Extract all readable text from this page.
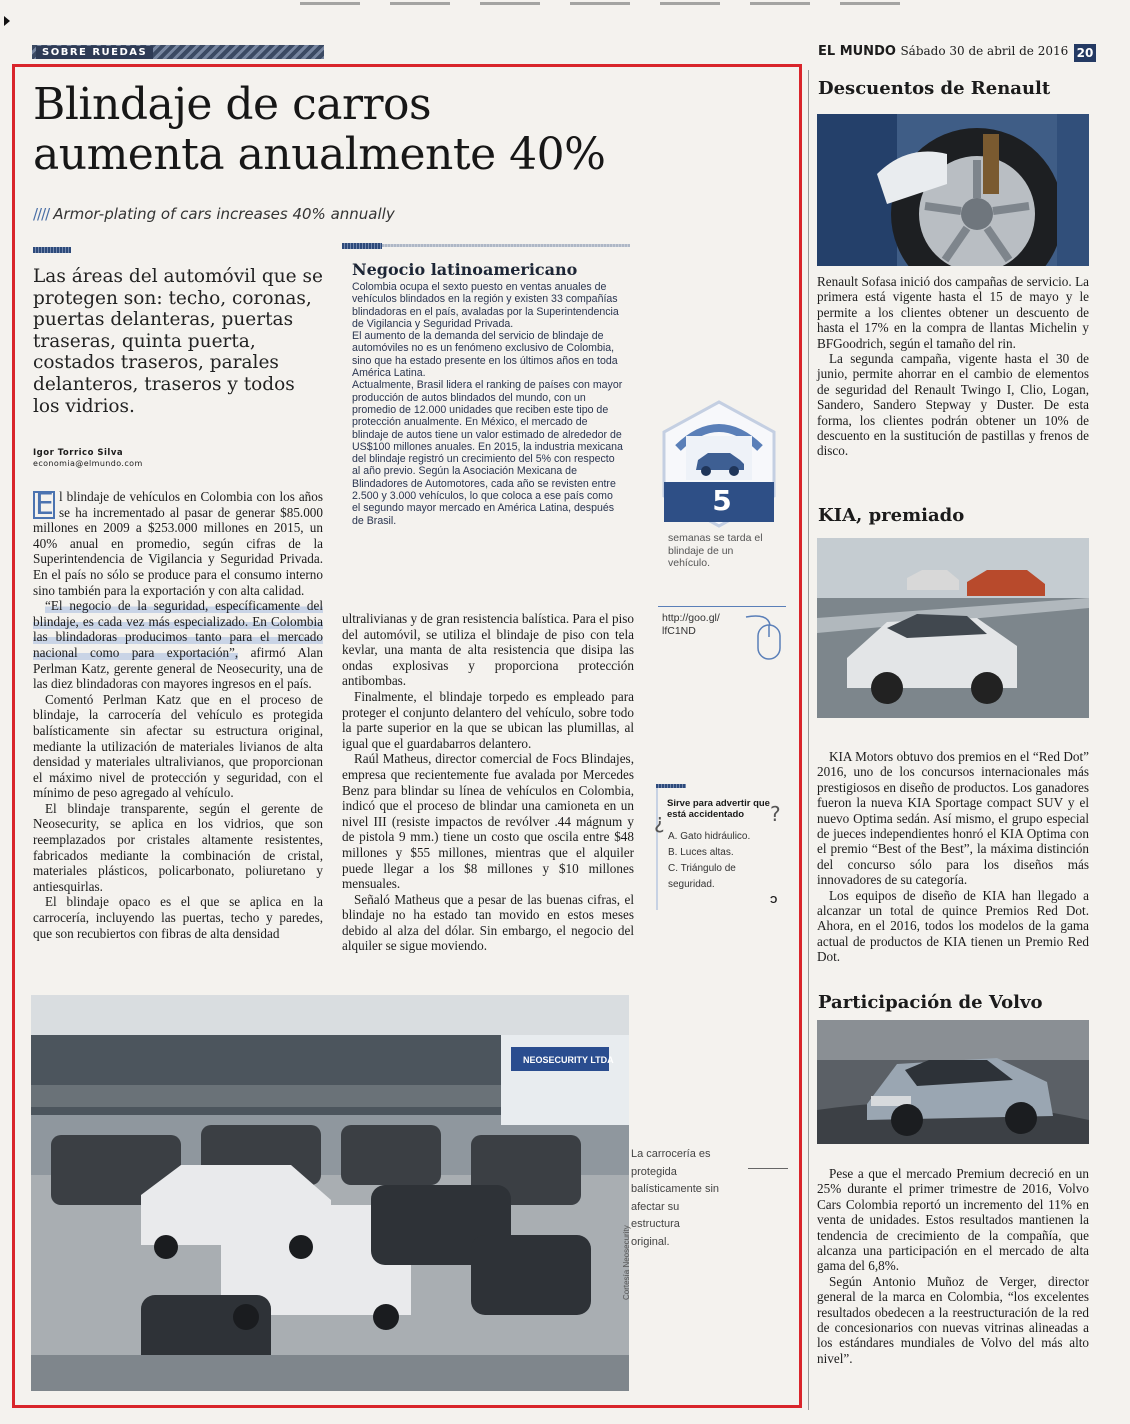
SOBRE RUEDAS	EL MUNDO Sábado 30 de abril de 2016 20
Blindaje de carros
aumenta anualmente 40%
//// Armor-plating of cars increases 40% annually
Las áreas del automóvil que se protegen son: techo, coronas, puertas delanteras, puertas traseras, quinta puerta, costados traseros, parales delanteros, traseros y todos los vidrios.
Igor Torrico Silva
economia@elmundo.com

E l blindaje de vehículos en Colombia con los años se ha incrementado al pasar de generar $85.000 millones en 2009 a $253.000 millones en 2015, un 40% anual en promedio, según cifras de la Superintendencia de Vigilancia y Seguridad Privada. En el país no sólo se produce para el consumo interno sino también para la exportación y con alta calidad.

“El negocio de la seguridad, específicamente del blindaje, es cada vez más especializado. En Colombia las blindadoras producimos tanto para el mercado nacional como para exportación”, afirmó Alan Perlman Katz, gerente general de Neosecurity, una de las diez blindadoras con mayores ingresos en el país.

Comentó Perlman Katz que en el proceso de blindaje, la carrocería del vehículo es protegida balísticamente sin afectar su estructura original, mediante la utilización de materiales livianos de alta densidad y materiales ultralivianos, que proporcionan el máximo nivel de protección y seguridad, con el mínimo de peso agregado al vehículo.

El blindaje transparente, según el gerente de Neosecurity, se aplica en los vidrios, que son reemplazados por cristales altamente resistentes, fabricados mediante la combinación de cristal, materiales plásticos, policarbonato, poliuretano y antiesquirlas.

El blindaje opaco es el que se aplica en la carrocería, incluyendo las puertas, techo y paredes, que son recubiertos con fibras de alta densidad

Negocio latinoamericano

Colombia ocupa el sexto puesto en ventas anuales de vehículos blindados en la región y existen 33 compañías blindadoras en el país, avaladas por la Superintendencia de Vigilancia y Seguridad Privada.

El aumento de la demanda del servicio de blindaje de automóviles no es un fenómeno exclusivo de Colombia, sino que ha estado presente en los últimos años en toda América Latina.

Actualmente, Brasil lidera el ranking de países con mayor producción de autos blindados del mundo, con un promedio de 12.000 unidades que reciben este tipo de protección anualmente. En México, el mercado de blindaje de autos tiene un valor estimado de alrededor de US$100 millones anuales. En 2015, la industria mexicana del blindaje registró un crecimiento del 5% con respecto al año previo. Según la Asociación Mexicana de Blindadores de Automotores, cada año se revisten entre 2.500 y 3.000 vehículos, lo que coloca a ese país como el segundo mayor mercado en América Latina, después de Brasil.

ultralivianas y de gran resistencia balística. Para el piso del automóvil, se utiliza el blindaje de piso con tela kevlar, una manta de alta resistencia que disipa las ondas explosivas y proporciona protección antibombas.

Finalmente, el blindaje torpedo es empleado para proteger el conjunto delantero del vehículo, sobre todo la parte superior en la que se ubican las plumillas, al igual que el guardabarros delantero.

Raúl Matheus, director comercial de Focs Blindajes, empresa que recientemente fue avalada por Mercedes Benz para blindar su línea de vehículos en Colombia, indicó que el proceso de blindar una camioneta en un nivel III (resiste impactos de revólver .44 mágnum y de pistola 9 mm.) tiene un costo que oscila entre $48 millones y $55 millones, mientras que el alquiler puede llegar a los $8 millones y $10 millones mensuales.

Señaló Matheus que a pesar de las buenas cifras, el blindaje no ha estado tan movido en estos meses debido al alza del dólar. Sin embargo, el negocio del alquiler se sigue moviendo.

5
semanas se tarda el blindaje de un vehículo.
http://goo.gl/ lfC1ND
Sirve para advertir que está accidentado
¿	?
A. Gato hidráulico.
B. Luces altas.
C. Triángulo de seguridad.
C
NEOSECURITY LTDA
Cortesía Neosecurity
La carrocería es protegida balísticamente sin afectar su estructura original.
Descuentos de Renault

Renault Sofasa inició dos campañas de servicio. La primera está vigente hasta el 15 de mayo y le permite a los clientes obtener un descuento de hasta el 17% en la compra de llantas Michelin y BFGoodrich, según el tamaño del rin.

La segunda campaña, vigente hasta el 30 de junio, permite ahorrar en el cambio de elementos de seguridad del Renault Twingo I, Clio, Logan, Sandero, Sandero Stepway y Duster. De esta forma, los clientes podrán obtener un 10% de descuento en la sustitución de pastillas y frenos de disco.

KIA, premiado

KIA Motors obtuvo dos premios en el “Red Dot” 2016, uno de los concursos internacionales más prestigiosos en diseño de productos. Los ganadores fueron la nueva KIA Sportage compact SUV y el nuevo Optima sedán. Así mismo, el grupo especial de jueces independientes honró el KIA Optima con el premio “Best of the Best”, la máxima distinción del concurso sólo para los diseños más innovadores de su categoría.

Los equipos de diseño de KIA han llegado a alcanzar un total de quince Premios Red Dot. Ahora, en el 2016, todos los modelos de la gama actual de productos de KIA tienen un Premio Red Dot.

Participación de Volvo

Pese a que el mercado Premium decreció en un 25% durante el primer trimestre de 2016, Volvo Cars Colombia reportó un incremento del 11% en venta de unidades. Estos resultados mantienen la tendencia de crecimiento de la compañía, que alcanza una participación en el mercado de alta gama del 6,8%.

Según Antonio Muñoz de Verger, director general de la marca en Colombia, “los excelentes resultados obedecen a la reestructuración de la red de concesionarios con nuevas vitrinas alineadas a los estándares mundiales de Volvo del más alto nivel”.
